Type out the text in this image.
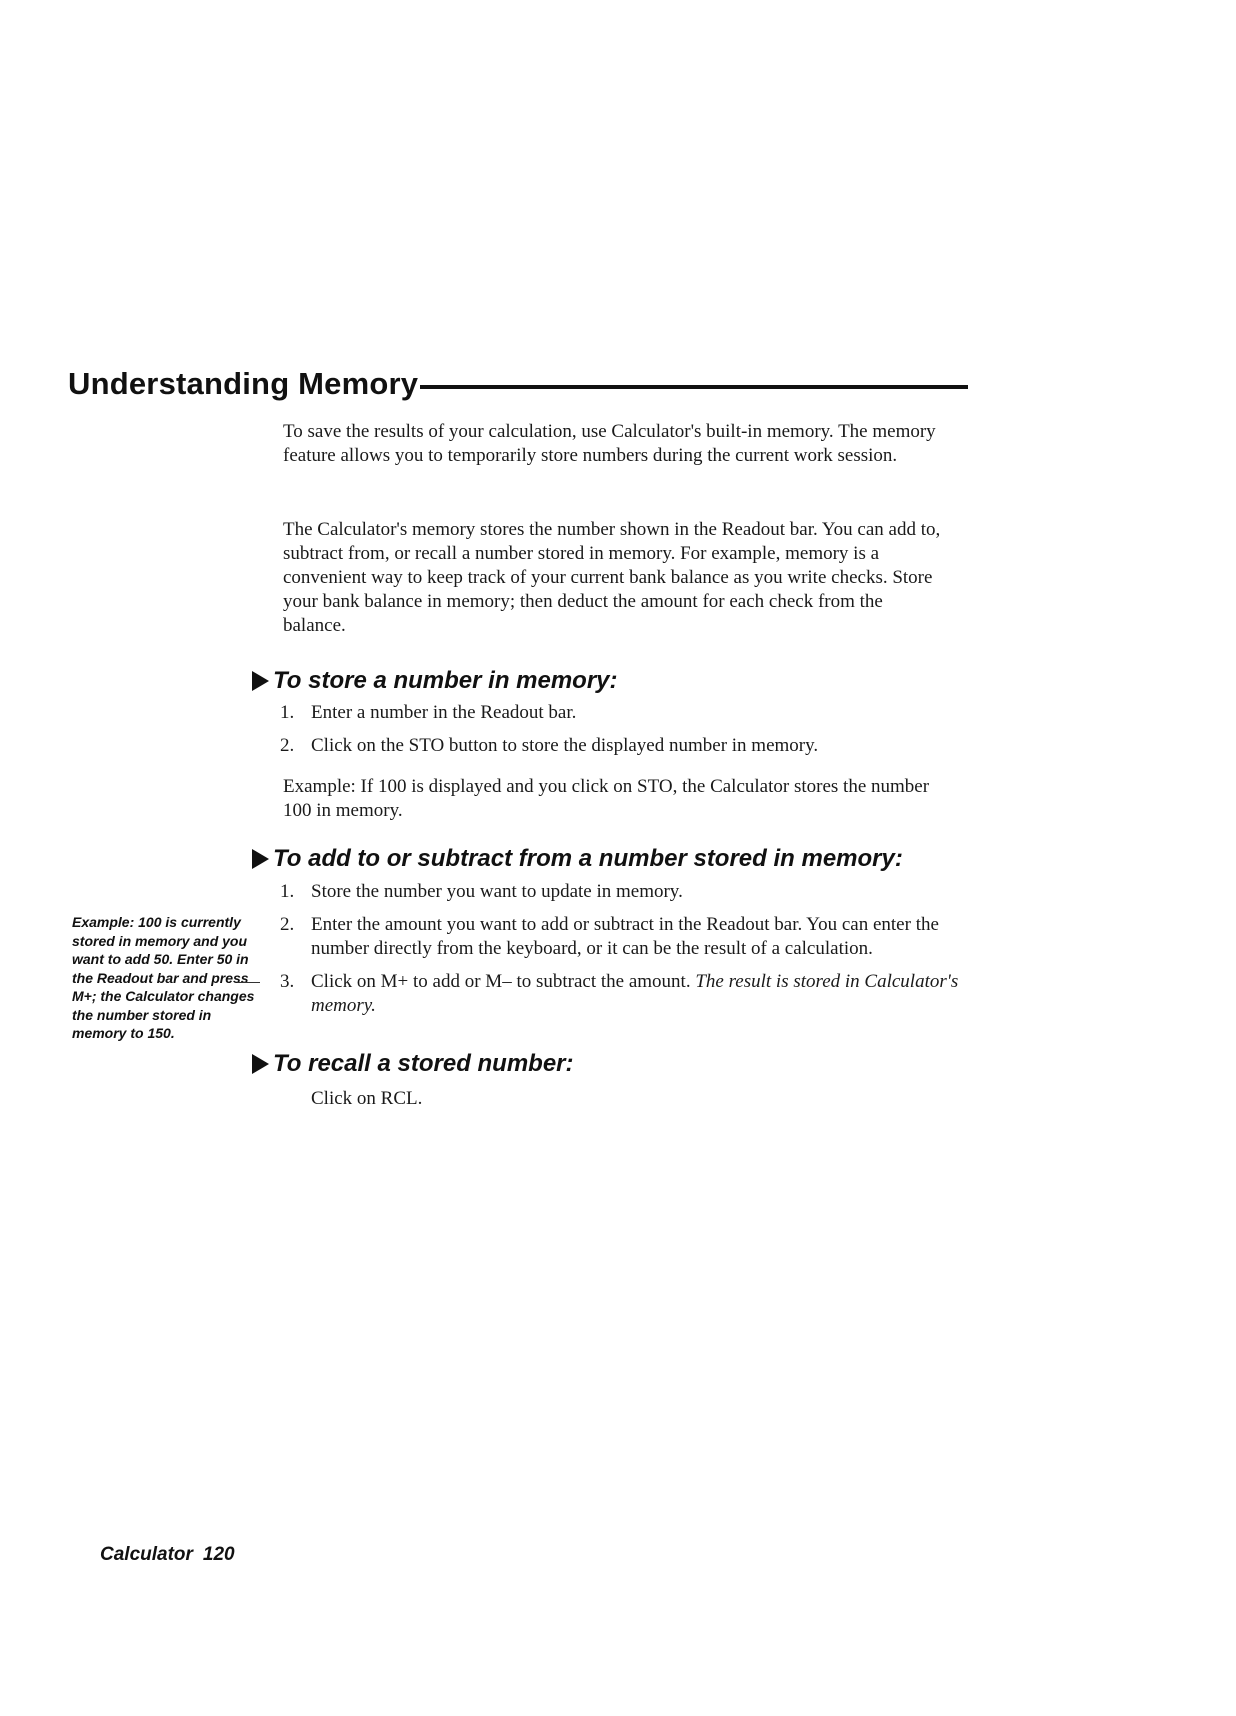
Understanding Memory

To save the results of your calculation, use Calculator's built-in memory. The memory feature allows you to temporarily store numbers during the current work session.

The Calculator's memory stores the number shown in the Readout bar. You can add to, subtract from, or recall a number stored in memory. For example, memory is a convenient way to keep track of your current bank balance as you write checks. Store your bank balance in memory; then deduct the amount for each check from the balance.

To store a number in memory:
1. Enter a number in the Readout bar.
2. Click on the STO button to store the displayed number in memory.

Example: If 100 is displayed and you click on STO, the Calculator stores the number 100 in memory.

To add to or subtract from a number stored in memory:
1. Store the number you want to update in memory.
2. Enter the amount you want to add or subtract in the Readout bar. You can enter the number directly from the keyboard, or it can be the result of a calculation.
3. Click on M+ to add or M– to subtract the amount. The result is stored in Calculator's memory.
To recall a stored number:

Click on RCL.

Example: 100 is currently stored in memory and you want to add 50. Enter 50 in the Readout bar and press M+; the Calculator changes the number stored in memory to 150.
Calculator 120
